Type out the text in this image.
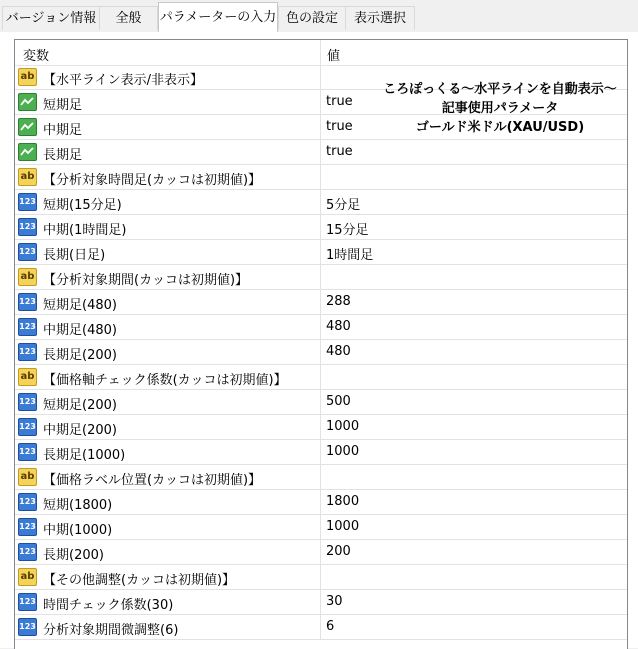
バージョン情報	全般	パラメーターの入力 色の設定	表示選択
変数	値
ab 【水平ライン表示/非表示】
短期足	true
中期足	true
長期足	true
ab 【分析対象時間足(カッコは初期値)】
123 短期(15分足)	5分足
123 中期(1時間足)	15分足
123 長期(日足)	1時間足
ab 【分析対象期間(カッコは初期値)】
123 短期足(480)	288
123 中期足(480)	480
123 長期足(200)	480
ab 【価格軸チェック係数(カッコは初期値)】
123 短期足(200)	500
123 中期足(200)	1000
123 長期足(1000)	1000
ab 【価格ラベル位置(カッコは初期値)】
123 短期(1800)	1800
123 中期(1000)	1000
123 長期(200)	200
ab 【その他調整(カッコは初期値)】
123 時間チェック係数(30)	30
123 分析対象期間微調整(6)	6
ころぽっくる〜水平ラインを自動表示〜
記事使用パラメータ
ゴールド米ドル(XAU/USD)
